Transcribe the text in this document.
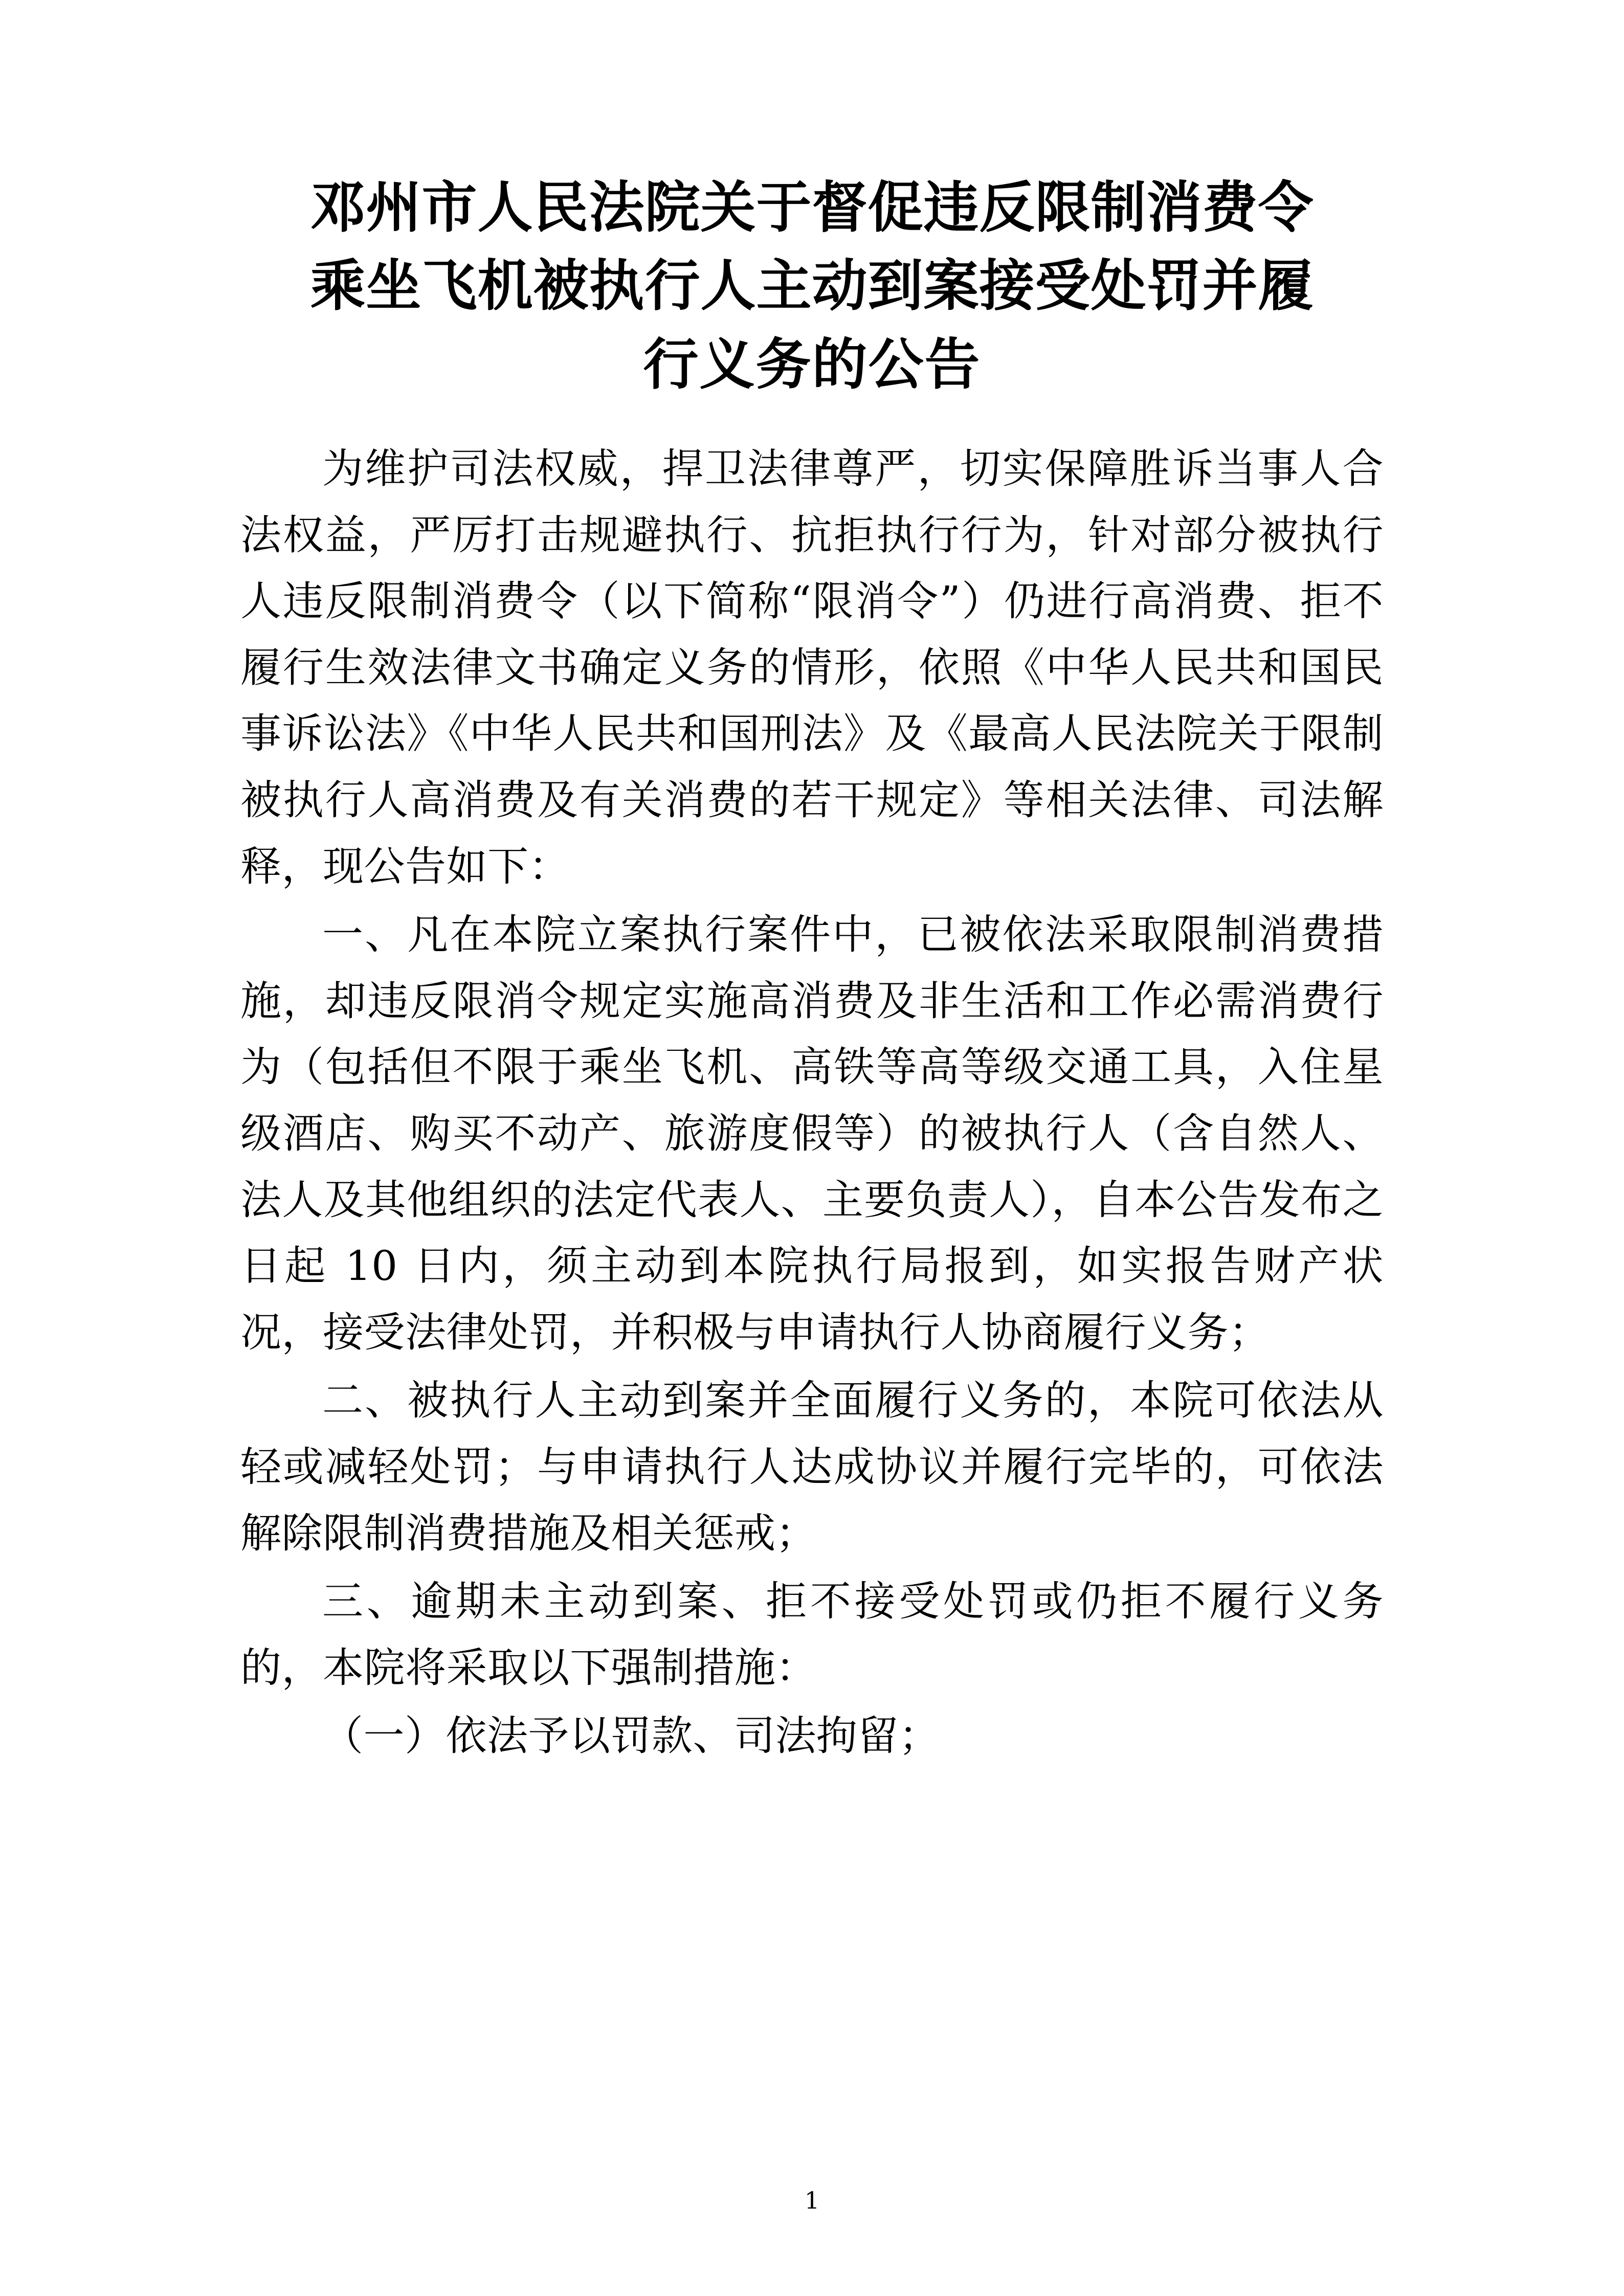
邓州市人民法院关于督促违反限制消费令
乘坐飞机被执行人主动到案接受处罚并履
行义务的公告

为维护司法权威，捍卫法律尊严，切实保障胜诉当事人合法权益，严厉打击规避执行、抗拒执行行为，针对部分被执行人违反限制消费令（以下简称“限消令”）仍进行高消费、拒不履行生效法律文书确定义务的情形，依照《中华人民共和国民事诉讼法》《中华人民共和国刑法》及《最高人民法院关于限制被执行人高消费及有关消费的若干规定》等相关法律、司法解释，现公告如下：

一、凡在本院立案执行案件中，已被依法采取限制消费措施，却违反限消令规定实施高消费及非生活和工作必需消费行为（包括但不限于乘坐飞机、高铁等高等级交通工具，入住星级酒店、购买不动产、旅游度假等）的被执行人（含自然人、法人及其他组织的法定代表人、主要负责人），自本公告发布之日起 10 日内，须主动到本院执行局报到，如实报告财产状况，接受法律处罚，并积极与申请执行人协商履行义务；

二、被执行人主动到案并全面履行义务的，本院可依法从轻或减轻处罚；与申请执行人达成协议并履行完毕的，可依法解除限制消费措施及相关惩戒；

三、逾期未主动到案、拒不接受处罚或仍拒不履行义务的，本院将采取以下强制措施：

（一）依法予以罚款、司法拘留；

1
